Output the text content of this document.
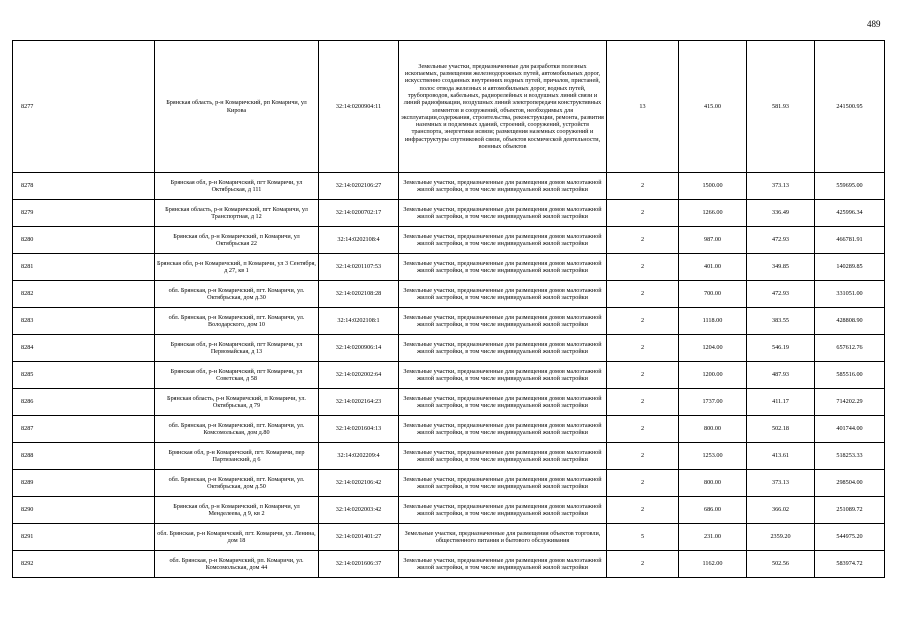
489
8277	Брянская область, р-н Комаричский, рп Комаричи, ул Кирова	32:14:0200904:11	Земельные участки, предназначенные для разработки полезных ископаемых, размещения железнодорожных путей, автомобильных дорог, искусственно созданных внутренних водных путей, причалов, пристаней, полос отвода железных и автомобильных дорог, водных путей, трубопроводов, кабельных, радиорелейных и воздушных линий связи и линий радиофикации, воздушных линий электропередачи конструктивных элементов и сооружений, объектов, необходимых для эксплуатации,содержания, строительства, реконструкции, ремонта, развития наземных и подземных зданий, строений, сооружений, устройств транспорта, энергетики исвязи; размещения наземных сооружений и инфраструктуры спутниковой связи, объектов космической деятельности, военных объектов	13	415.00	581.93	241500.95
8278	Брянская обл, р-н Комаричский, пгт Комаричи, ул Октябрьская, д 111	32:14:0202106:27	Земельные участки, предназначенные для размещения домов малоэтажной жилой застройки, в том числе индивидуальной жилой застройки	2	1500.00	373.13	559695.00
8279	Брянская область, р-н Комаричский, пгт Комаричи, ул Транспортная, д 12	32:14:0200702:17	Земельные участки, предназначенные для размещения домов малоэтажной жилой застройки, в том числе индивидуальной жилой застройки	2	1266.00	336.49	425996.34
8280	Брянская обл, р-н Комаричский, п Комаричи, ул Октябрьская 22	32:14:0202108:4	Земельные участки, предназначенные для размещения домов малоэтажной жилой застройки, в том числе индивидуальной жилой застройки	2	987.00	472.93	466781.91
8281	Брянская обл, р-н Комаричский, п Комаричи, ул 3 Сентября, д 27, кв 1	32:14:0201107:53	Земельные участки, предназначенные для размещения домов малоэтажной жилой застройки, в том числе индивидуальной жилой застройки	2	401.00	349.85	140289.85
8282	обл. Брянская, р-н Комаричский, пгт. Комаричи, ул. Октябрьская, дом д.30	32:14:0202108:28	Земельные участки, предназначенные для размещения домов малоэтажной жилой застройки, в том числе индивидуальной жилой застройки	2	700.00	472.93	331051.00
8283	обл. Брянская, р-н Комаричский, пгт. Комаричи, ул. Володарского, дом 10	32:14:0202108:1	Земельные участки, предназначенные для размещения домов малоэтажной жилой застройки, в том числе индивидуальной жилой застройки	2	1118.00	383.55	428808.90
8284	Брянская обл, р-н Комаричский, пгт Комаричи, ул Первомайская, д 13	32:14:0200906:14	Земельные участки, предназначенные для размещения домов малоэтажной жилой застройки, в том числе индивидуальной жилой застройки	2	1204.00	546.19	657612.76
8285	Брянская обл, р-н Комаричский, пгт Комаричи, ул Советская, д 58	32:14:0202002:64	Земельные участки, предназначенные для размещения домов малоэтажной жилой застройки, в том числе индивидуальной жилой застройки	2	1200.00	487.93	585516.00
8286	Брянская область, р-н Комаричский, п Комаричи, ул. Октябрьская, д 79	32:14:0202164:23	Земельные участки, предназначенные для размещения домов малоэтажной жилой застройки, в том числе индивидуальной жилой застройки	2	1737.00	411.17	714202.29
8287	обл. Брянская, р-н Комаричский, пгт. Комаричи, ул. Комсомольская, дом д.80	32:14:0201604:13	Земельные участки, предназначенные для размещения домов малоэтажной жилой застройки, в том числе индивидуальной жилой застройки	2	800.00	502.18	401744.00
8288	Брянская обл, р-н Комаричский, пгт. Комаричи, пер Партизанский, д 6	32:14:0202209:4	Земельные участки, предназначенные для размещения домов малоэтажной жилой застройки, в том числе индивидуальной жилой застройки	2	1253.00	413.61	518253.33
8289	обл. Брянская, р-н Комаричский, пгт. Комаричи, ул. Октябрьская, дом д.50	32:14:0202106:42	Земельные участки, предназначенные для размещения домов малоэтажной жилой застройки, в том числе индивидуальной жилой застройки	2	800.00	373.13	298504.00
8290	Брянская обл, р-н Комаричский, п Комаричи, ул Менделеева, д 9, кв 2	32:14:0202003:42	Земельные участки, предназначенные для размещения домов малоэтажной жилой застройки, в том числе индивидуальной жилой застройки	2	686.00	366.02	251089.72
8291	обл. Брянская, р-н Комаричский, пгт. Комаричи, ул. Ленина, дом 18	32:14:0201401:27	Земельные участки, предназначенные для размещения объектов торговли, общественного питания и бытового обслуживания	5	231.00	2359.20	544975.20
8292	обл. Брянская, р-н Комаричский, рп. Комаричи, ул. Комсомольская, дом 44	32:14:0201606:37	Земельные участки, предназначенные для размещения домов малоэтажной жилой застройки, в том числе индивидуальной жилой застройки	2	1162.00	502.56	583974.72
